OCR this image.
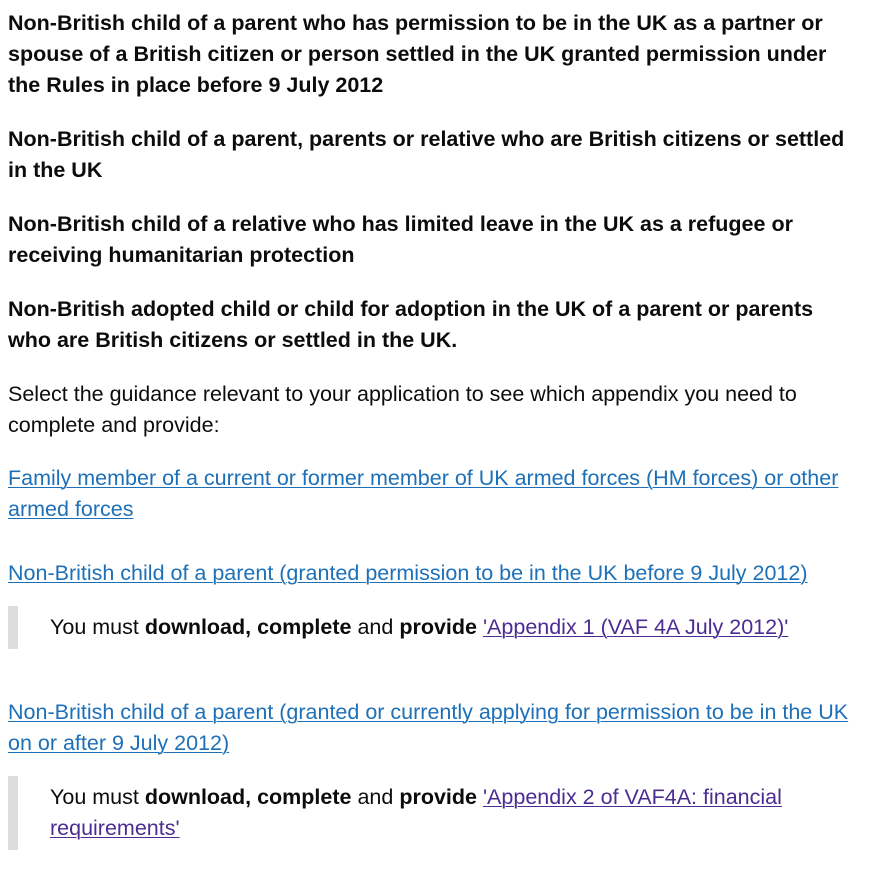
Non-British child of a parent who has permission to be in the UK as a partner or spouse of a British citizen or person settled in the UK granted permission under the Rules in place before 9 July 2012

Non-British child of a parent, parents or relative who are British citizens or settled in the UK

Non-British child of a relative who has limited leave in the UK as a refugee or receiving humanitarian protection

Non-British adopted child or child for adoption in the UK of a parent or parents who are British citizens or settled in the UK.

Select the guidance relevant to your application to see which appendix you need to complete and provide:

Family member of a current or former member of UK armed forces (HM forces) or other armed forces

Non-British child of a parent (granted permission to be in the UK before 9 July 2012)

You must download, complete and provide 'Appendix 1 (VAF 4A July 2012)'

Non-British child of a parent (granted or currently applying for permission to be in the UK on or after 9 July 2012)

You must download, complete and provide 'Appendix 2 of VAF4A: financial requirements'
